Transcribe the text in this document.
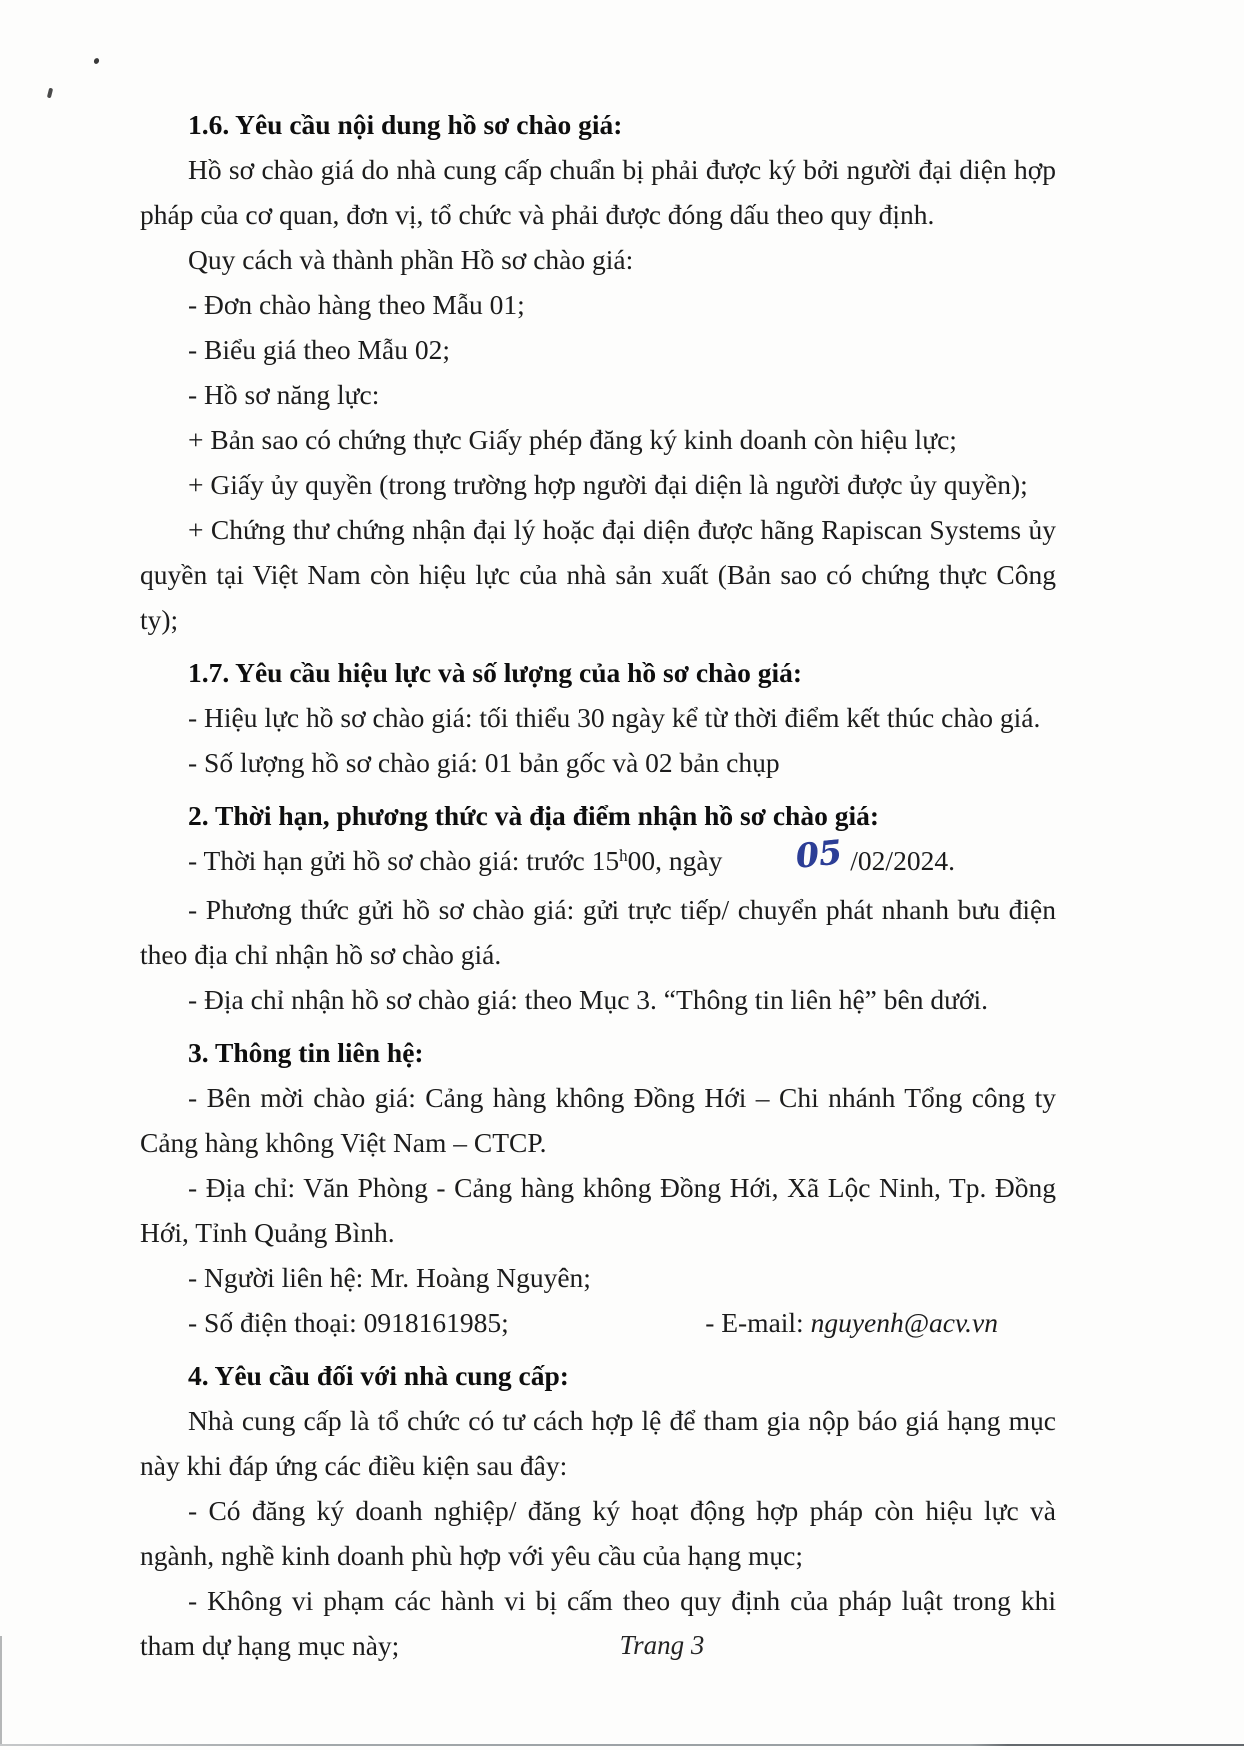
1.6. Yêu cầu nội dung hồ sơ chào giá:
Hồ sơ chào giá do nhà cung cấp chuẩn bị phải được ký bởi người đại diện hợp pháp của cơ quan, đơn vị, tổ chức và phải được đóng dấu theo quy định.
Quy cách và thành phần Hồ sơ chào giá:
- Đơn chào hàng theo Mẫu 01;
- Biểu giá theo Mẫu 02;
- Hồ sơ năng lực:
+ Bản sao có chứng thực Giấy phép đăng ký kinh doanh còn hiệu lực;
+ Giấy ủy quyền (trong trường hợp người đại diện là người được ủy quyền);
+ Chứng thư chứng nhận đại lý hoặc đại diện được hãng Rapiscan Systems ủy quyền tại Việt Nam còn hiệu lực của nhà sản xuất (Bản sao có chứng thực Công ty);
1.7. Yêu cầu hiệu lực và số lượng của hồ sơ chào giá:
- Hiệu lực hồ sơ chào giá: tối thiểu 30 ngày kể từ thời điểm kết thúc chào giá.
- Số lượng hồ sơ chào giá: 01 bản gốc và 02 bản chụp
2. Thời hạn, phương thức và địa điểm nhận hồ sơ chào giá:
- Thời hạn gửi hồ sơ chào giá: trước 15$^h$00, ngày 05 /02/2024.
- Phương thức gửi hồ sơ chào giá: gửi trực tiếp/ chuyển phát nhanh bưu điện theo địa chỉ nhận hồ sơ chào giá.
- Địa chỉ nhận hồ sơ chào giá: theo Mục 3. “Thông tin liên hệ” bên dưới.
3. Thông tin liên hệ:
- Bên mời chào giá: Cảng hàng không Đồng Hới – Chi nhánh Tổng công ty Cảng hàng không Việt Nam – CTCP.
- Địa chỉ: Văn Phòng - Cảng hàng không Đồng Hới, Xã Lộc Ninh, Tp. Đồng Hới, Tỉnh Quảng Bình.
- Người liên hệ: Mr. Hoàng Nguyên;
- Số điện thoại: 0918161985;	- E-mail: nguyenh@acv.vn
4. Yêu cầu đối với nhà cung cấp:
Nhà cung cấp là tổ chức có tư cách hợp lệ để tham gia nộp báo giá hạng mục này khi đáp ứng các điều kiện sau đây:
- Có đăng ký doanh nghiệp/ đăng ký hoạt động hợp pháp còn hiệu lực và ngành, nghề kinh doanh phù hợp với yêu cầu của hạng mục;
- Không vi phạm các hành vi bị cấm theo quy định của pháp luật trong khi tham dự hạng mục này;	Trang 3
